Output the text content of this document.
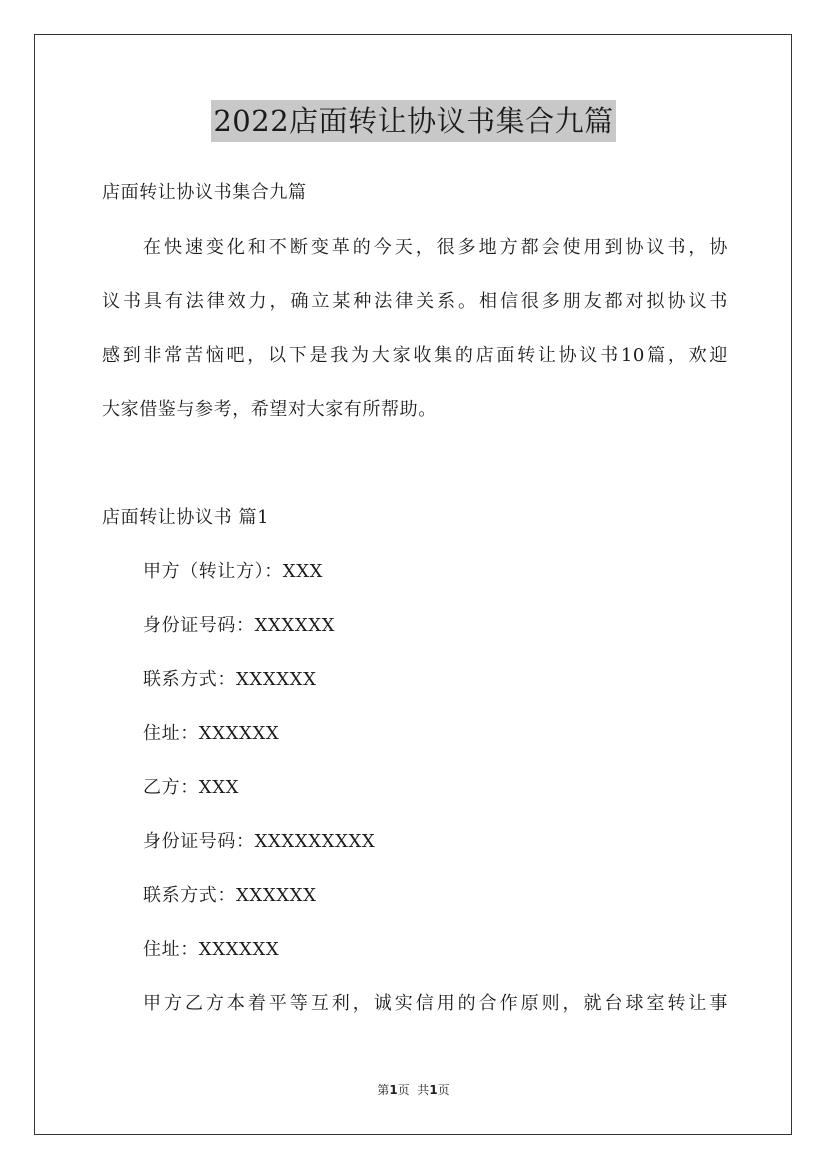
2022店面转让协议书集合九篇
店面转让协议书集合九篇
在快速变化和不断变革的今天，很多地方都会使用到协议书，协
议书具有法律效力，确立某种法律关系。相信很多朋友都对拟协议书
感到非常苦恼吧，以下是我为大家收集的店面转让协议书10篇，欢迎
大家借鉴与参考，希望对大家有所帮助。
店面转让协议书 篇1
甲方（转让方）：XXX
身份证号码：XXXXXX
联系方式：XXXXXX
住址：XXXXXX
乙方：XXX
身份证号码：XXXXXXXXX
联系方式：XXXXXX
住址：XXXXXX
甲方乙方本着平等互利，诚实信用的合作原则，就台球室转让事
第1页  共1页
